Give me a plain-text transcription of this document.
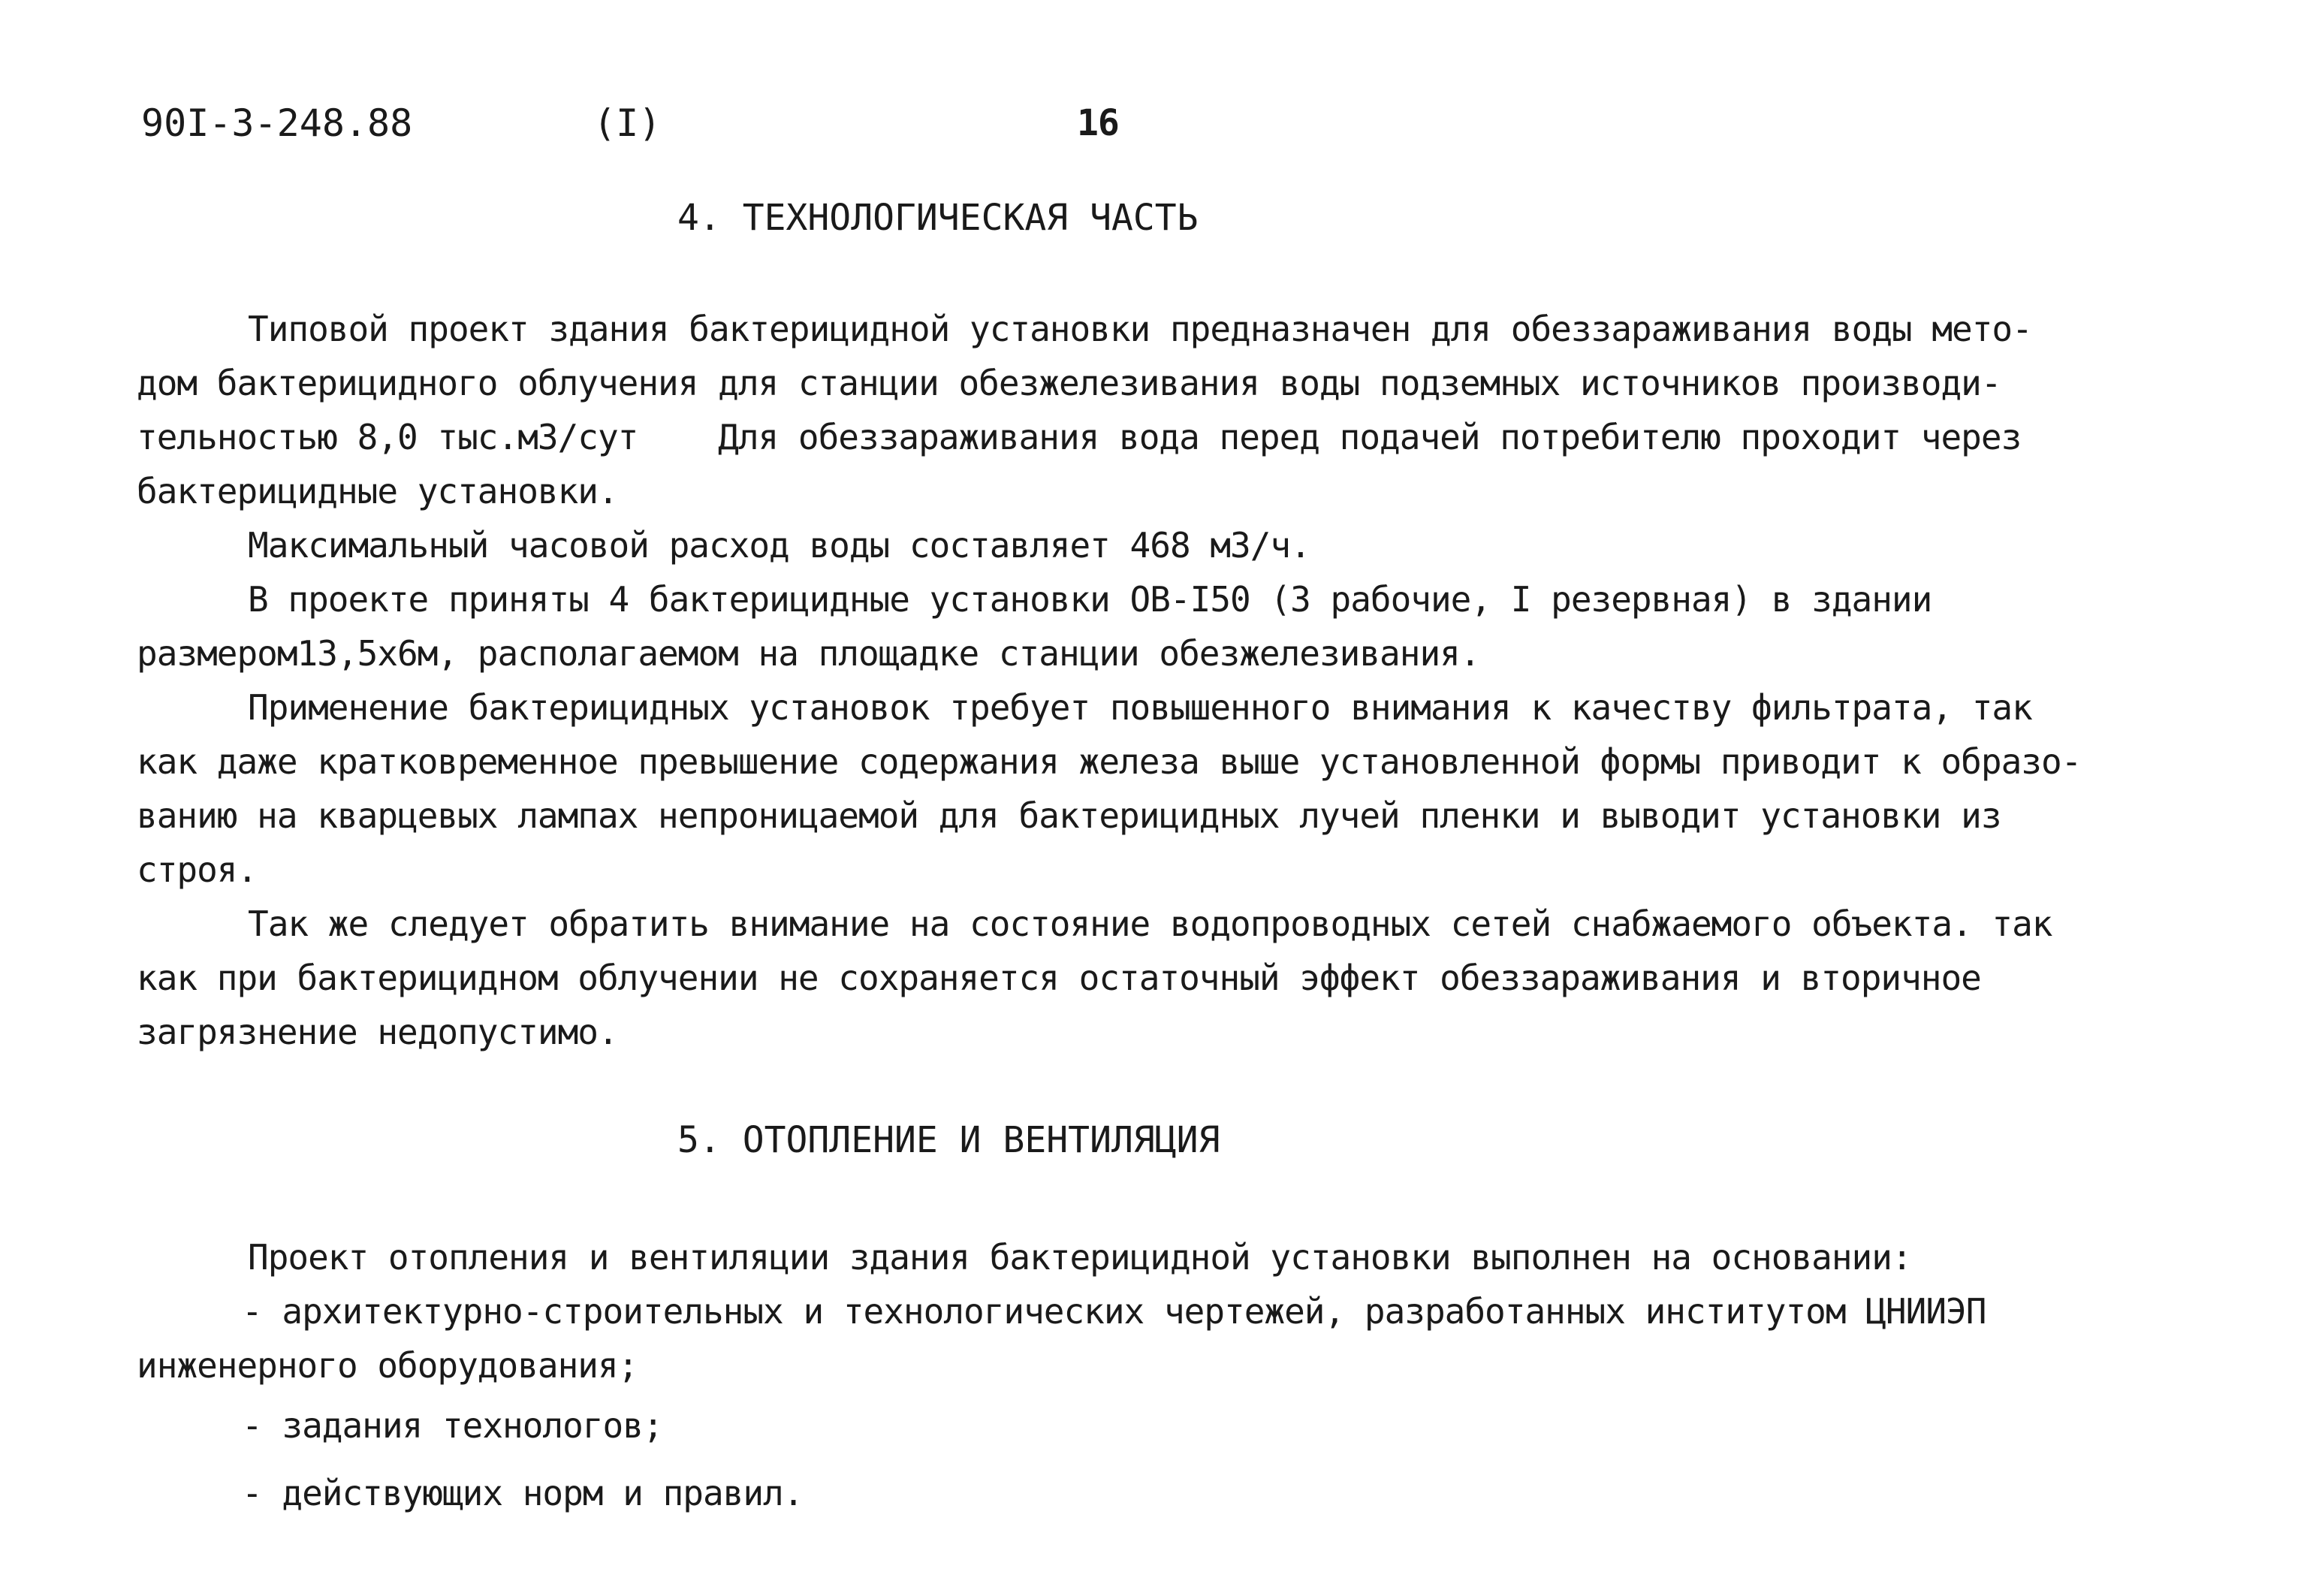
90I-3-248.88	(I)	16
4. ТЕХНОЛОГИЧЕСКАЯ ЧАСТЬ
Типовой проект здания бактерицидной установки предназначен для обеззараживания воды мето-
дом бактерицидного облучения для станции обезжелезивания воды подземных источников производи-
тельностью 8,0 тыс.м3/сут    Для обеззараживания вода перед подачей потребителю проходит через
бактерицидные установки.
Максимальный часовой расход воды составляет 468 м3/ч.
В проекте приняты 4 бактерицидные установки ОВ-I50 (3 рабочие, I резервная) в здании
размером13,5х6м, располагаемом на площадке станции обезжелезивания.
Применение бактерицидных установок требует повышенного внимания к качеству фильтрата, так
как даже кратковременное превышение содержания железа выше установленной формы приводит к образо-
ванию на кварцевых лампах непроницаемой для бактерицидных лучей пленки и выводит установки из
строя.
Так же следует обратить внимание на состояние водопроводных сетей снабжаемого объекта. так
как при бактерицидном облучении не сохраняется остаточный эффект обеззараживания и вторичное
загрязнение недопустимо.
5. ОТОПЛЕНИЕ И ВЕНТИЛЯЦИЯ
Проект отопления и вентиляции здания бактерицидной установки выполнен на основании:
- архитектурно-строительных и технологических чертежей, разработанных институтом ЦНИИЭП
инженерного оборудования;
- задания технологов;
- действующих норм и правил.
